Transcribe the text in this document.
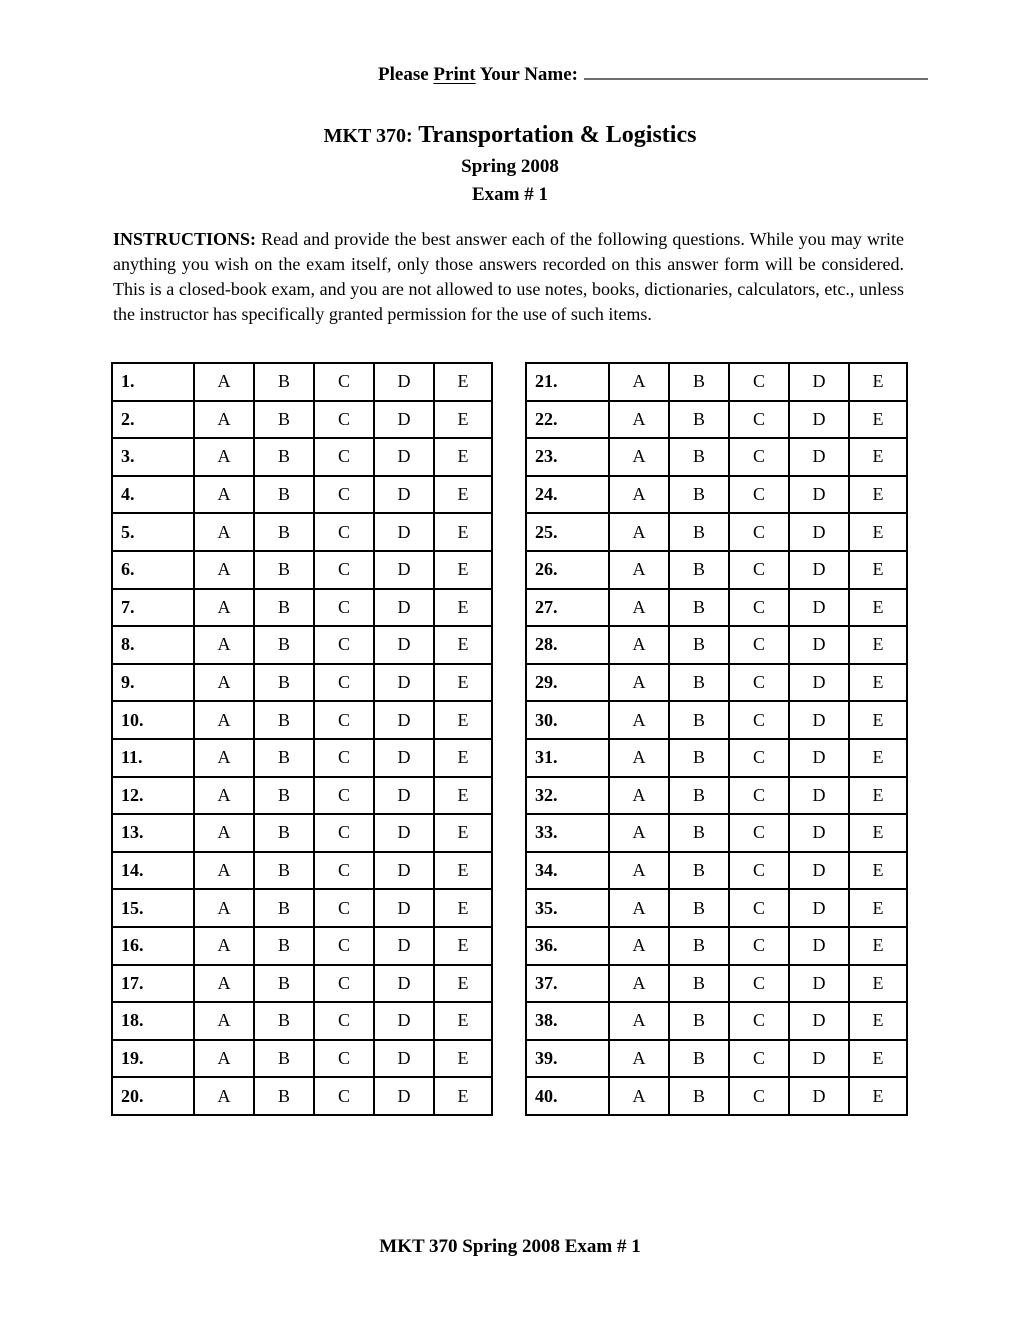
Please Print Your Name:
MKT 370: Transportation & Logistics
Spring 2008
Exam # 1
INSTRUCTIONS: Read and provide the best answer each of the following questions. While you may write anything you wish on the exam itself, only those answers recorded on this answer form will be considered. This is a closed-book exam, and you are not allowed to use notes, books, dictionaries, calculators, etc., unless the instructor has specifically granted permission for the use of such items.
1.	A	B	C	D	E
2.	A	B	C	D	E
3.	A	B	C	D	E
4.	A	B	C	D	E
5.	A	B	C	D	E
6.	A	B	C	D	E
7.	A	B	C	D	E
8.	A	B	C	D	E
9.	A	B	C	D	E
10.	A	B	C	D	E
11.	A	B	C	D	E
12.	A	B	C	D	E
13.	A	B	C	D	E
14.	A	B	C	D	E
15.	A	B	C	D	E
16.	A	B	C	D	E
17.	A	B	C	D	E
18.	A	B	C	D	E
19.	A	B	C	D	E
20.	A	B	C	D	E
21.	A	B	C	D	E
22.	A	B	C	D	E
23.	A	B	C	D	E
24.	A	B	C	D	E
25.	A	B	C	D	E
26.	A	B	C	D	E
27.	A	B	C	D	E
28.	A	B	C	D	E
29.	A	B	C	D	E
30.	A	B	C	D	E
31.	A	B	C	D	E
32.	A	B	C	D	E
33.	A	B	C	D	E
34.	A	B	C	D	E
35.	A	B	C	D	E
36.	A	B	C	D	E
37.	A	B	C	D	E
38.	A	B	C	D	E
39.	A	B	C	D	E
40.	A	B	C	D	E
MKT 370 Spring 2008 Exam # 1
